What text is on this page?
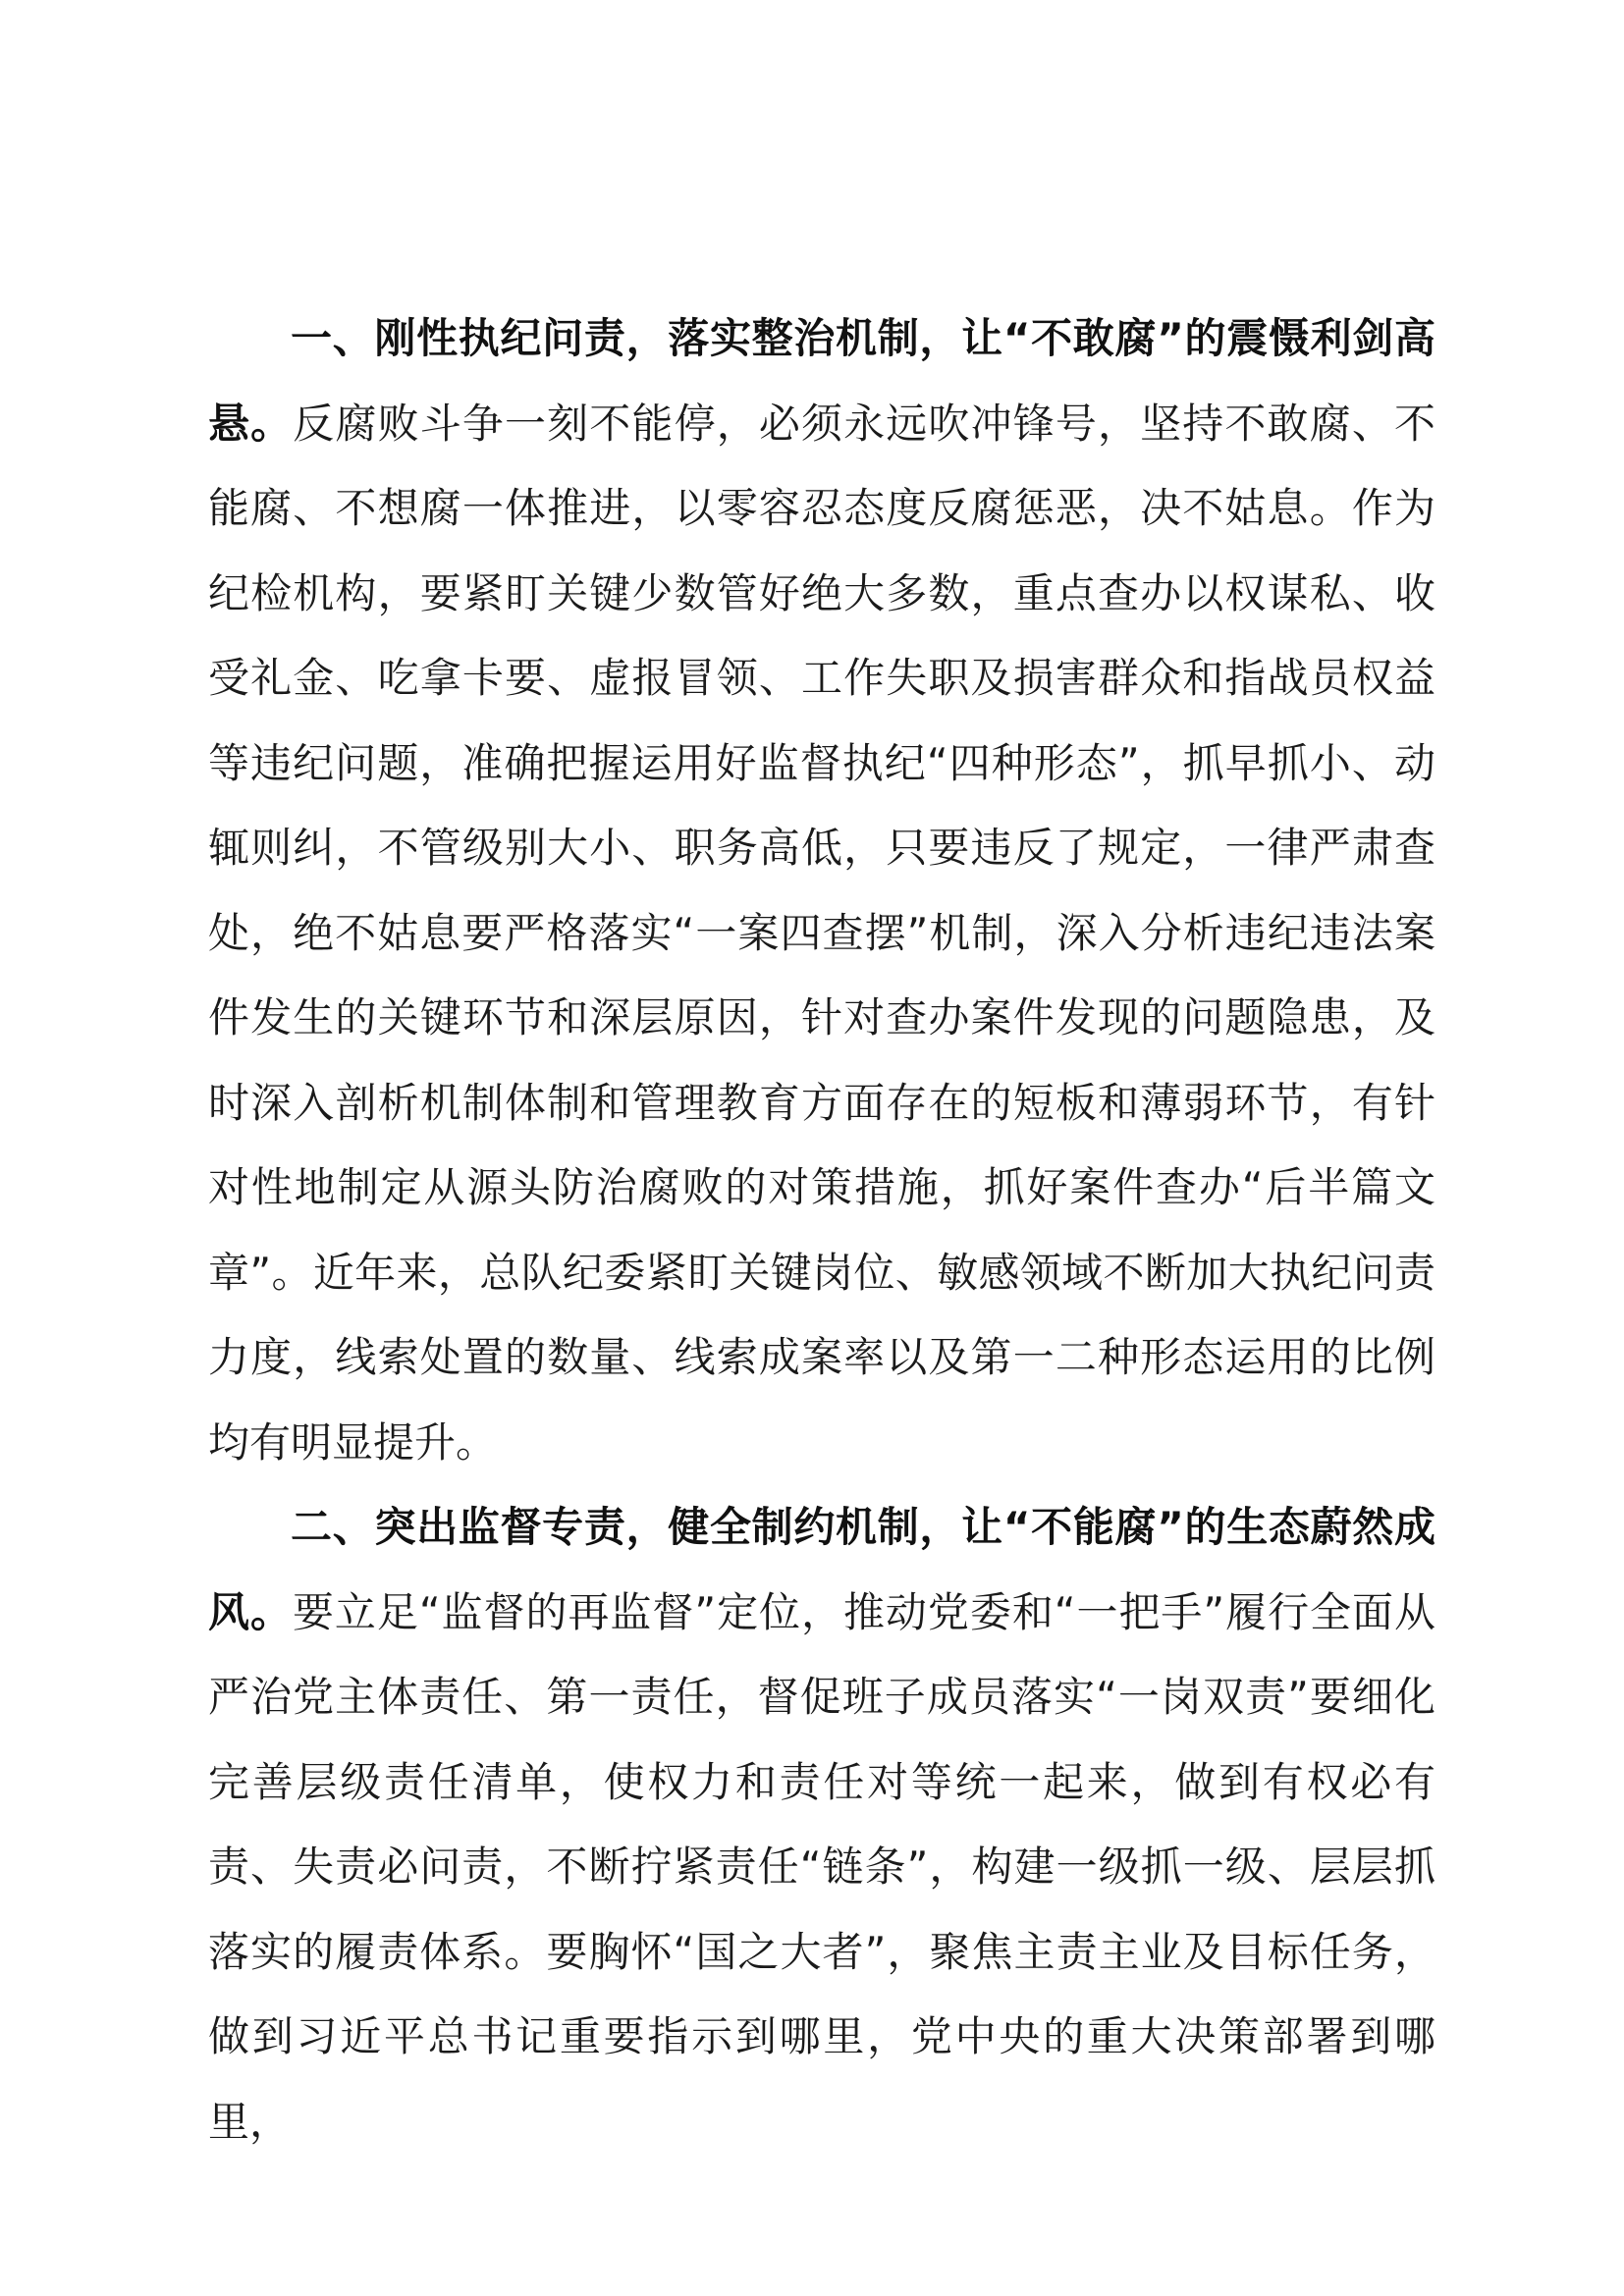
一、刚性执纪问责，落实整治机制，让“不敢腐”的震慑利剑高悬。反腐败斗争一刻不能停，必须永远吹冲锋号，坚持不敢腐、不能腐、不想腐一体推进，以零容忍态度反腐惩恶，决不姑息。作为纪检机构，要紧盯关键少数管好绝大多数，重点查办以权谋私、收受礼金、吃拿卡要、虚报冒领、工作失职及损害群众和指战员权益等违纪问题，准确把握运用好监督执纪“四种形态”，抓早抓小、动辄则纠，不管级别大小、职务高低，只要违反了规定，一律严肃查处，绝不姑息要严格落实“一案四查摆”机制，深入分析违纪违法案件发生的关键环节和深层原因，针对查办案件发现的问题隐患，及时深入剖析机制体制和管理教育方面存在的短板和薄弱环节，有针对性地制定从源头防治腐败的对策措施，抓好案件查办“后半篇文章”。近年来，总队纪委紧盯关键岗位、敏感领域不断加大执纪问责力度，线索处置的数量、线索成案率以及第一二种形态运用的比例均有明显提升。

二、突出监督专责，健全制约机制，让“不能腐”的生态蔚然成风。要立足“监督的再监督”定位，推动党委和“一把手”履行全面从严治党主体责任、第一责任，督促班子成员落实“一岗双责”要细化完善层级责任清单，使权力和责任对等统一起来，做到有权必有责、失责必问责，不断拧紧责任“链条”，构建一级抓一级、层层抓落实的履责体系。要胸怀“国之大者”，聚焦主责主业及目标任务，做到习近平总书记重要指示到哪里，党中央的重大决策部署到哪里，
